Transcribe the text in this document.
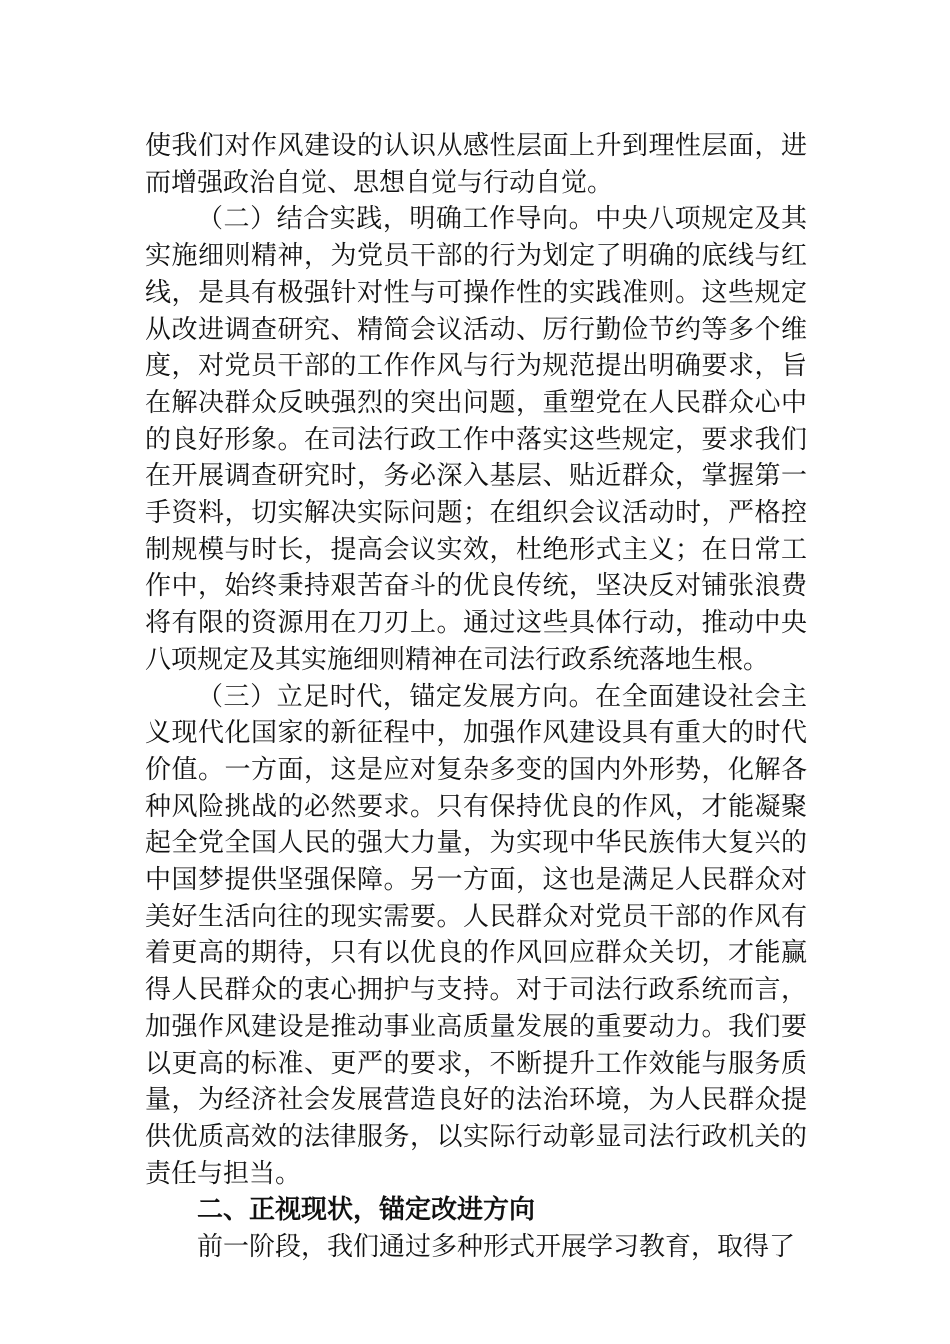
使我们对作风建设的认识从感性层面上升到理性层面，进而增强政治自觉、思想自觉与行动自觉。

（二）结合实践，明确工作导向。中央八项规定及其实施细则精神，为党员干部的行为划定了明确的底线与红线，是具有极强针对性与可操作性的实践准则。这些规定从改进调查研究、精简会议活动、厉行勤俭节约等多个维度，对党员干部的工作作风与行为规范提出明确要求，旨在解决群众反映强烈的突出问题，重塑党在人民群众心中的良好形象。在司法行政工作中落实这些规定，要求我们在开展调查研究时，务必深入基层、贴近群众，掌握第一手资料，切实解决实际问题；在组织会议活动时，严格控制规模与时长，提高会议实效，杜绝形式主义；在日常工作中，始终秉持艰苦奋斗的优良传统，坚决反对铺张浪费将有限的资源用在刀刃上。通过这些具体行动，推动中央八项规定及其实施细则精神在司法行政系统落地生根。

（三）立足时代，锚定发展方向。在全面建设社会主义现代化国家的新征程中，加强作风建设具有重大的时代价值。一方面，这是应对复杂多变的国内外形势，化解各种风险挑战的必然要求。只有保持优良的作风，才能凝聚起全党全国人民的强大力量，为实现中华民族伟大复兴的中国梦提供坚强保障。另一方面，这也是满足人民群众对美好生活向往的现实需要。人民群众对党员干部的作风有着更高的期待，只有以优良的作风回应群众关切，才能赢得人民群众的衷心拥护与支持。对于司法行政系统而言，加强作风建设是推动事业高质量发展的重要动力。我们要以更高的标准、更严的要求，不断提升工作效能与服务质量，为经济社会发展营造良好的法治环境，为人民群众提供优质高效的法律服务，以实际行动彰显司法行政机关的责任与担当。

二、正视现状，锚定改进方向

前一阶段，我们通过多种形式开展学习教育，取得了
